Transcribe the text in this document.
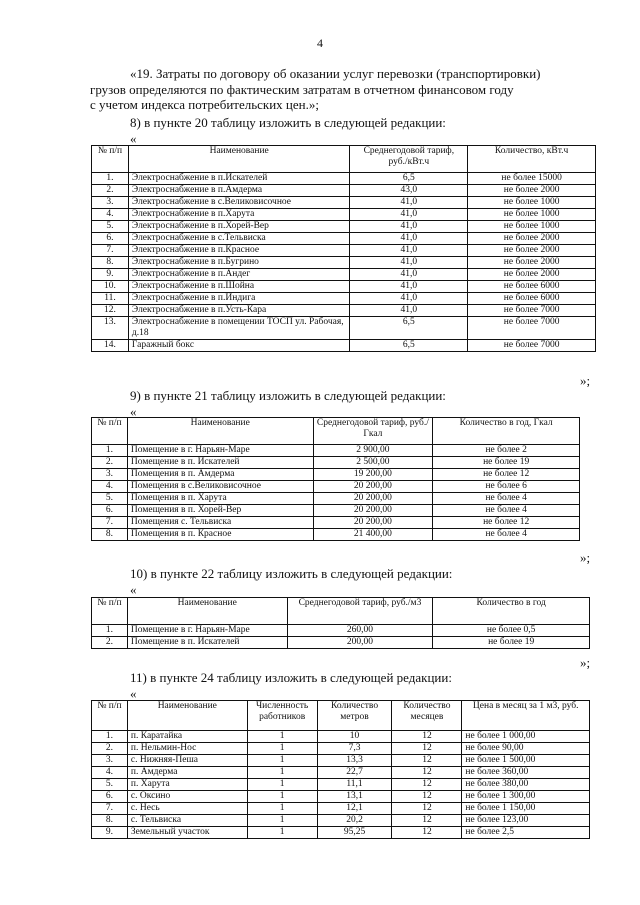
4
«19. Затраты по договору об оказании услуг перевозки (транспортировки)
грузов определяются по фактическим затратам в отчетном финансовом году
с учетом индекса потребительских цен.»;
8) в пункте 20 таблицу изложить в следующей редакции:
«
№ п/п	Наименование	Среднегодовой тариф, руб./кВт.ч	Количество, кВт.ч
1.	Электроснабжение в п.Искателей	6,5	не более 15000
2.	Электроснабжение в п.Амдерма	43,0	не более 2000
3.	Электроснабжение в с.Великовисочное	41,0	не более 1000
4.	Электроснабжение в п.Харута	41,0	не более 1000
5.	Электроснабжение в п.Хорей-Вер	41,0	не более 1000
6.	Электроснабжение в с.Тельвиска	41,0	не более 2000
7.	Электроснабжение в п.Красное	41,0	не более 2000
8.	Электроснабжение в п.Бугрино	41,0	не более 2000
9.	Электроснабжение в п.Андег	41,0	не более 2000
10.	Электроснабжение в п.Шойна	41,0	не более 6000
11.	Электроснабжение в п.Индига	41,0	не более 6000
12.	Электроснабжение в п.Усть-Кара	41,0	не более 7000
13.	Электроснабжение в помещении ТОСП ул. Рабочая, д.18	6,5	не более 7000
14.	Гаражный бокс	6,5	не более 7000
»;
9) в пункте 21 таблицу изложить в следующей редакции:
«
№ п/п	Наименование	Среднегодовой тариф, руб./Гкал	Количество в год, Гкал
1.	Помещение в г. Нарьян-Маре	2 900,00	не более 2
2.	Помещение в п. Искателей	2 500,00	не более 19
3.	Помещения в п. Амдерма	19 200,00	не более 12
4.	Помещения в с.Великовисочное	20 200,00	не более 6
5.	Помещения в п. Харута	20 200,00	не более 4
6.	Помещения в п. Хорей-Вер	20 200,00	не более 4
7.	Помещения с. Тельвиска	20 200,00	не более 12
8.	Помещения в п. Красное	21 400,00	не более 4
»;
10) в пункте 22 таблицу изложить в следующей редакции:
«
№ п/п	Наименование	Среднегодовой тариф, руб./м3	Количество в год
1.	Помещение в г. Нарьян-Маре	260,00	не более 0,5
2.	Помещение в п. Искателей	200,00	не более 19
»;
11) в пункте 24 таблицу изложить в следующей редакции:
«
№ п/п	Наименование	Численность работников	Количество метров	Количество месяцев	Цена в месяц за 1 м3, руб.
1.	п. Каратайка	1	10	12	не более 1 000,00
2.	п. Нельмин-Нос	1	7,3	12	не более 90,00
3.	с. Нижняя-Пеша	1	13,3	12	не более 1 500,00
4.	п. Амдерма	1	22,7	12	не более 360,00
5.	п. Харута	1	11,1	12	не более 380,00
6.	с. Оксино	1	13,1	12	не более 1 300,00
7.	с. Несь	1	12,1	12	не более 1 150,00
8.	с. Тельвиска	1	20,2	12	не более 123,00
9.	Земельный участок	1	95,25	12	не более 2,5
